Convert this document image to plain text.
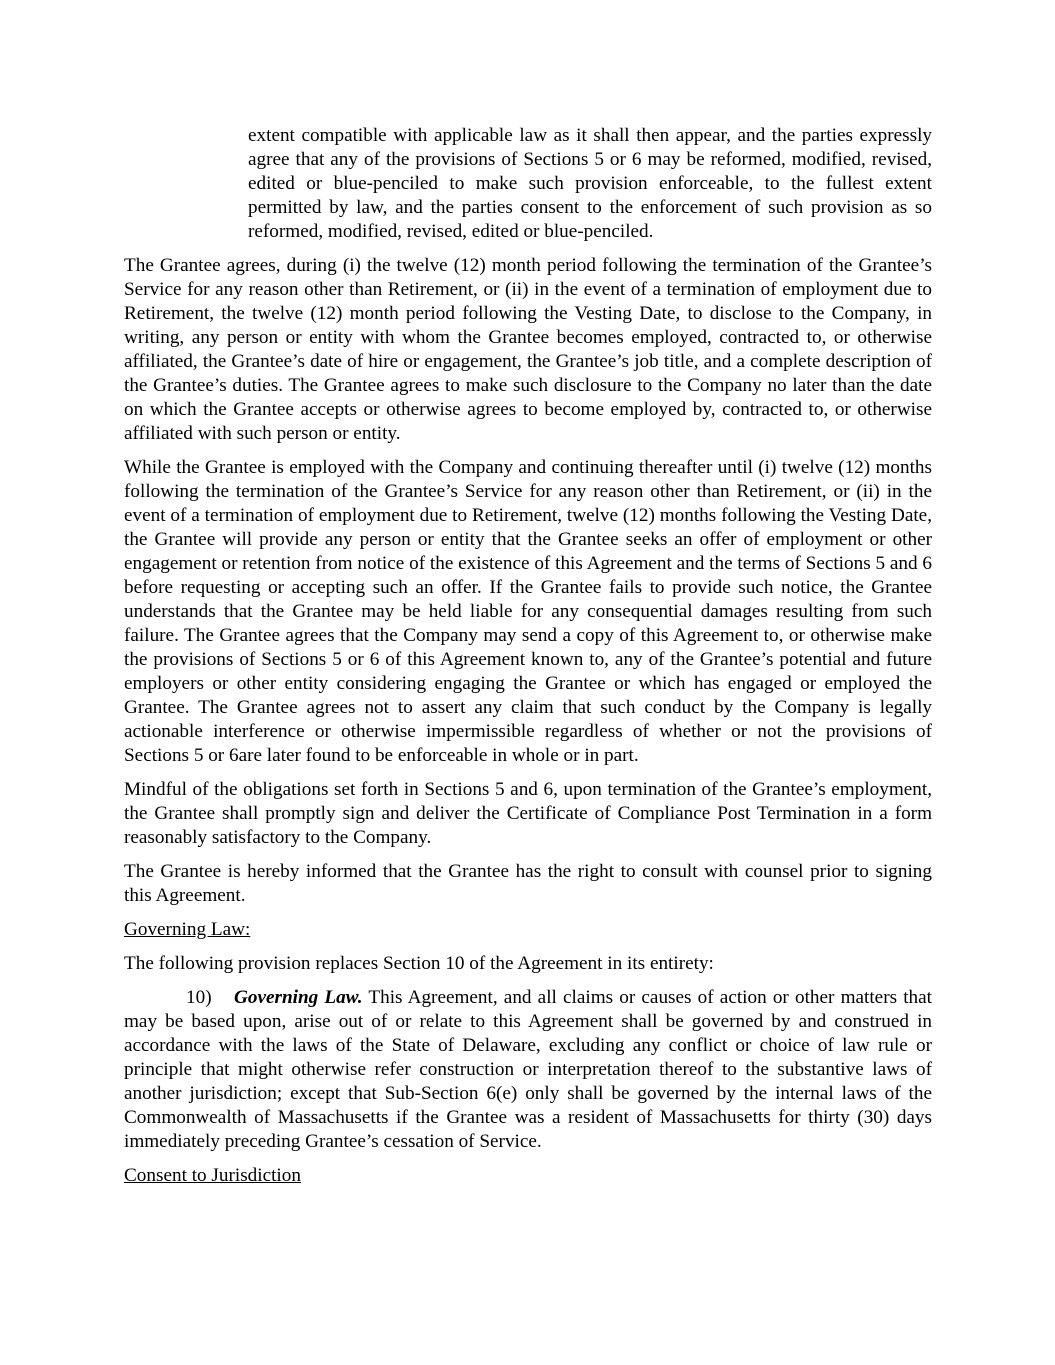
extent compatible with applicable law as it shall then appear, and the parties expressly agree that any of the provisions of Sections 5 or 6 may be reformed, modified, revised, edited or blue-penciled to make such provision enforceable, to the fullest extent permitted by law, and the parties consent to the enforcement of such provision as so reformed, modified, revised, edited or blue-penciled.

The Grantee agrees, during (i) the twelve (12) month period following the termination of the Grantee’s Service for any reason other than Retirement, or (ii) in the event of a termination of employment due to Retirement, the twelve (12) month period following the Vesting Date, to disclose to the Company, in writing, any person or entity with whom the Grantee becomes employed, contracted to, or otherwise affiliated, the Grantee’s date of hire or engagement, the Grantee’s job title, and a complete description of the Grantee’s duties. The Grantee agrees to make such disclosure to the Company no later than the date on which the Grantee accepts or otherwise agrees to become employed by, contracted to, or otherwise affiliated with such person or entity.

While the Grantee is employed with the Company and continuing thereafter until (i) twelve (12) months following the termination of the Grantee’s Service for any reason other than Retirement, or (ii) in the event of a termination of employment due to Retirement, twelve (12) months following the Vesting Date, the Grantee will provide any person or entity that the Grantee seeks an offer of employment or other engagement or retention from notice of the existence of this Agreement and the terms of Sections 5 and 6 before requesting or accepting such an offer. If the Grantee fails to provide such notice, the Grantee understands that the Grantee may be held liable for any consequential damages resulting from such failure. The Grantee agrees that the Company may send a copy of this Agreement to, or otherwise make the provisions of Sections 5 or 6 of this Agreement known to, any of the Grantee’s potential and future employers or other entity considering engaging the Grantee or which has engaged or employed the Grantee. The Grantee agrees not to assert any claim that such conduct by the Company is legally actionable interference or otherwise impermissible regardless of whether or not the provisions of Sections 5 or 6are later found to be enforceable in whole or in part.

Mindful of the obligations set forth in Sections 5 and 6, upon termination of the Grantee’s employment, the Grantee shall promptly sign and deliver the Certificate of Compliance Post Termination in a form reasonably satisfactory to the Company.

The Grantee is hereby informed that the Grantee has the right to consult with counsel prior to signing this Agreement.

Governing Law:

The following provision replaces Section 10 of the Agreement in its entirety:

10) Governing Law. This Agreement, and all claims or causes of action or other matters that may be based upon, arise out of or relate to this Agreement shall be governed by and construed in accordance with the laws of the State of Delaware, excluding any conflict or choice of law rule or principle that might otherwise refer construction or interpretation thereof to the substantive laws of another jurisdiction; except that Sub-Section 6(e) only shall be governed by the internal laws of the Commonwealth of Massachusetts if the Grantee was a resident of Massachusetts for thirty (30) days immediately preceding Grantee’s cessation of Service.

Consent to Jurisdiction
